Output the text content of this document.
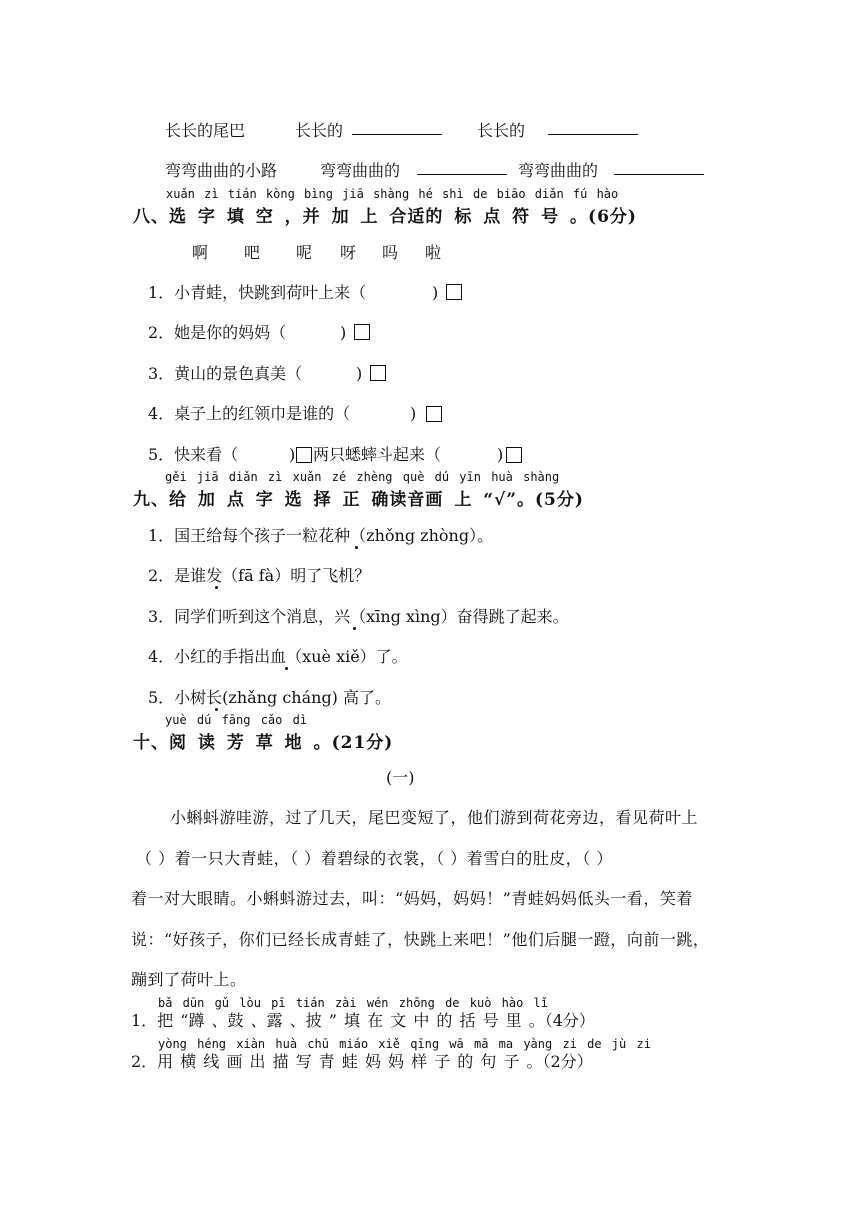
长长的尾巴	长长的	长长的
弯弯曲曲的小路	弯弯曲曲的	弯弯曲曲的
xuǎn zì tián kòng bìng jiā shàng hé shì de biāo diǎn fú hào
八、选 字 填 空 ，并 加 上 合适的 标 点 符 号 。(6分)
啊 吧 呢 呀 吗 啦
1．小青蛙，快跳到荷叶上来（	)
2．她是你的妈妈（	)
3．黄山的景色真美（	)
4．桌子上的红领巾是谁的（	)
5．快来看（	) 两只蟋蟀斗起来（	)
gěi jiā diǎn zì xuǎn zé zhèng què dú yīn huà shàng
九、给 加 点 字 选 择 正 确读音画 上 “√”。(5分)
1．国王给每个孩子一粒花种（zhǒng zhòng）。
2．是谁发（fā fà）明了飞机？
3．同学们听到这个消息，兴（xīng xìng）奋得跳了起来。
4．小红的手指出血（xuè xiě）了。
5．小树长(zhǎng cháng) 高了。
yuè dú fāng cǎo dì
十、阅 读 芳 草 地 。(21分)
(一)
小蝌蚪游哇游，过了几天，尾巴变短了，他们游到荷花旁边，看见荷叶上
（ ）着一只大青蛙，（ ）着碧绿的衣裳，（ ）着雪白的肚皮，（ ）
着一对大眼睛。小蝌蚪游过去，叫：“妈妈，妈妈！”青蛙妈妈低头一看，笑着
说：“好孩子，你们已经长成青蛙了，快跳上来吧！”他们后腿一蹬，向前一跳，
蹦到了荷叶上。
bǎ dūn gǔ lòu pī tián zài wén zhōng de kuò hào lǐ
1．把 “蹲 、鼓 、露 、披 ” 填 在 文 中 的 括 号 里 。（4分）
yòng héng xiàn huà chū miáo xiě qīng wā mā ma yàng zi de jù zi
2．用 横 线 画 出 描 写 青 蛙 妈 妈 样 子 的 句 子 。（2分）
